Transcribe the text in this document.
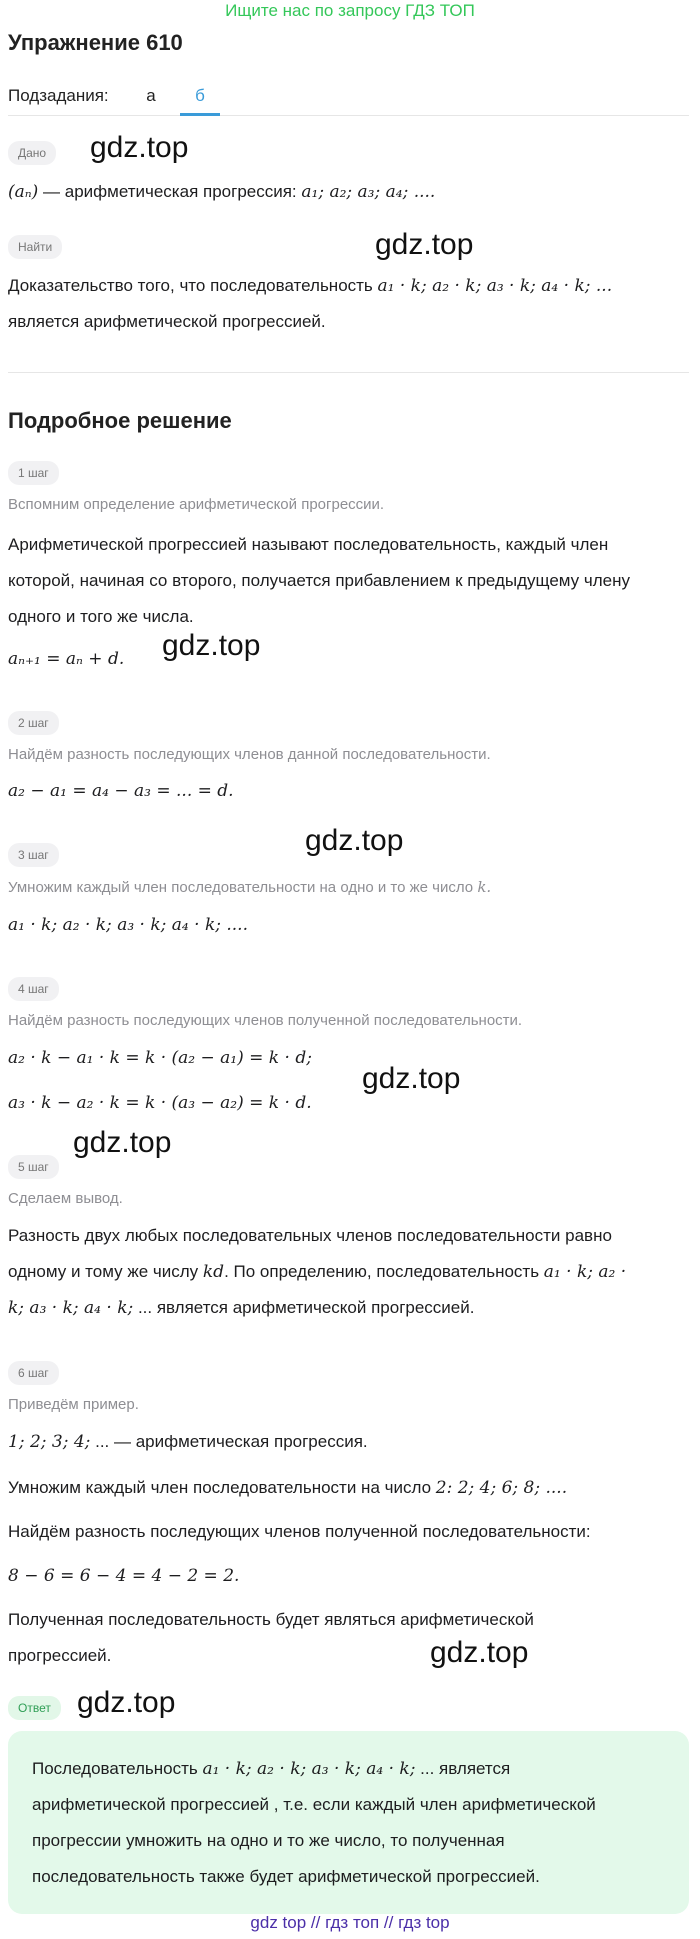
Ищите нас по запросу ГДЗ ТОП
Упражнение 610
Подзадания:	а	б
Дано	gdz.top
(aₙ) — арифметическая прогрессия: a₁; a₂; a₃; a₄; ....
Найти	gdz.top
Доказательство того, что последовательность a₁ · k; a₂ · k; a₃ · k; a₄ · k; ...
является арифметической прогрессией.
Подробное решение
1 шаг
Вспомним определение арифметической прогрессии.
Арифметической прогрессией называют последовательность, каждый член
которой, начиная со второго, получается прибавлением к предыдущему члену
одного и того же числа.
aₙ₊₁ = aₙ + d.	gdz.top
2 шаг
Найдём разность последующих членов данной последовательности.
a₂ − a₁ = a₄ − a₃ = ... = d.
gdz.top
3 шаг
Умножим каждый член последовательности на одно и то же число k.
a₁ · k; a₂ · k; a₃ · k; a₄ · k; ....
4 шаг
Найдём разность последующих членов полученной последовательности.
a₂ · k − a₁ · k = k · (a₂ − a₁) = k · d;
a₃ · k − a₂ · k = k · (a₃ − a₂) = k · d.
gdz.top
gdz.top
5 шаг
Сделаем вывод.
Разность двух любых последовательных членов последовательности равно
одному и тому же числу kd. По определению, последовательность a₁ · k; a₂ ·
k; a₃ · k; a₄ · k; ... является арифметической прогрессией.
6 шаг
Приведём пример.
1; 2; 3; 4; ... — арифметическая прогрессия.
Умножим каждый член последовательности на число 2: 2; 4; 6; 8; ....
Найдём разность последующих членов полученной последовательности:
8 − 6 = 6 − 4 = 4 − 2 = 2.
Полученная последовательность будет являться арифметической
прогрессией.	gdz.top
Ответ gdz.top
Последовательность a₁ · k; a₂ · k; a₃ · k; a₄ · k; ... является
арифметической прогрессией , т.е. если каждый член арифметической
прогрессии умножить на одно и то же число, то полученная
последовательность также будет арифметической прогрессией.
gdz top // гдз топ // гдз top
